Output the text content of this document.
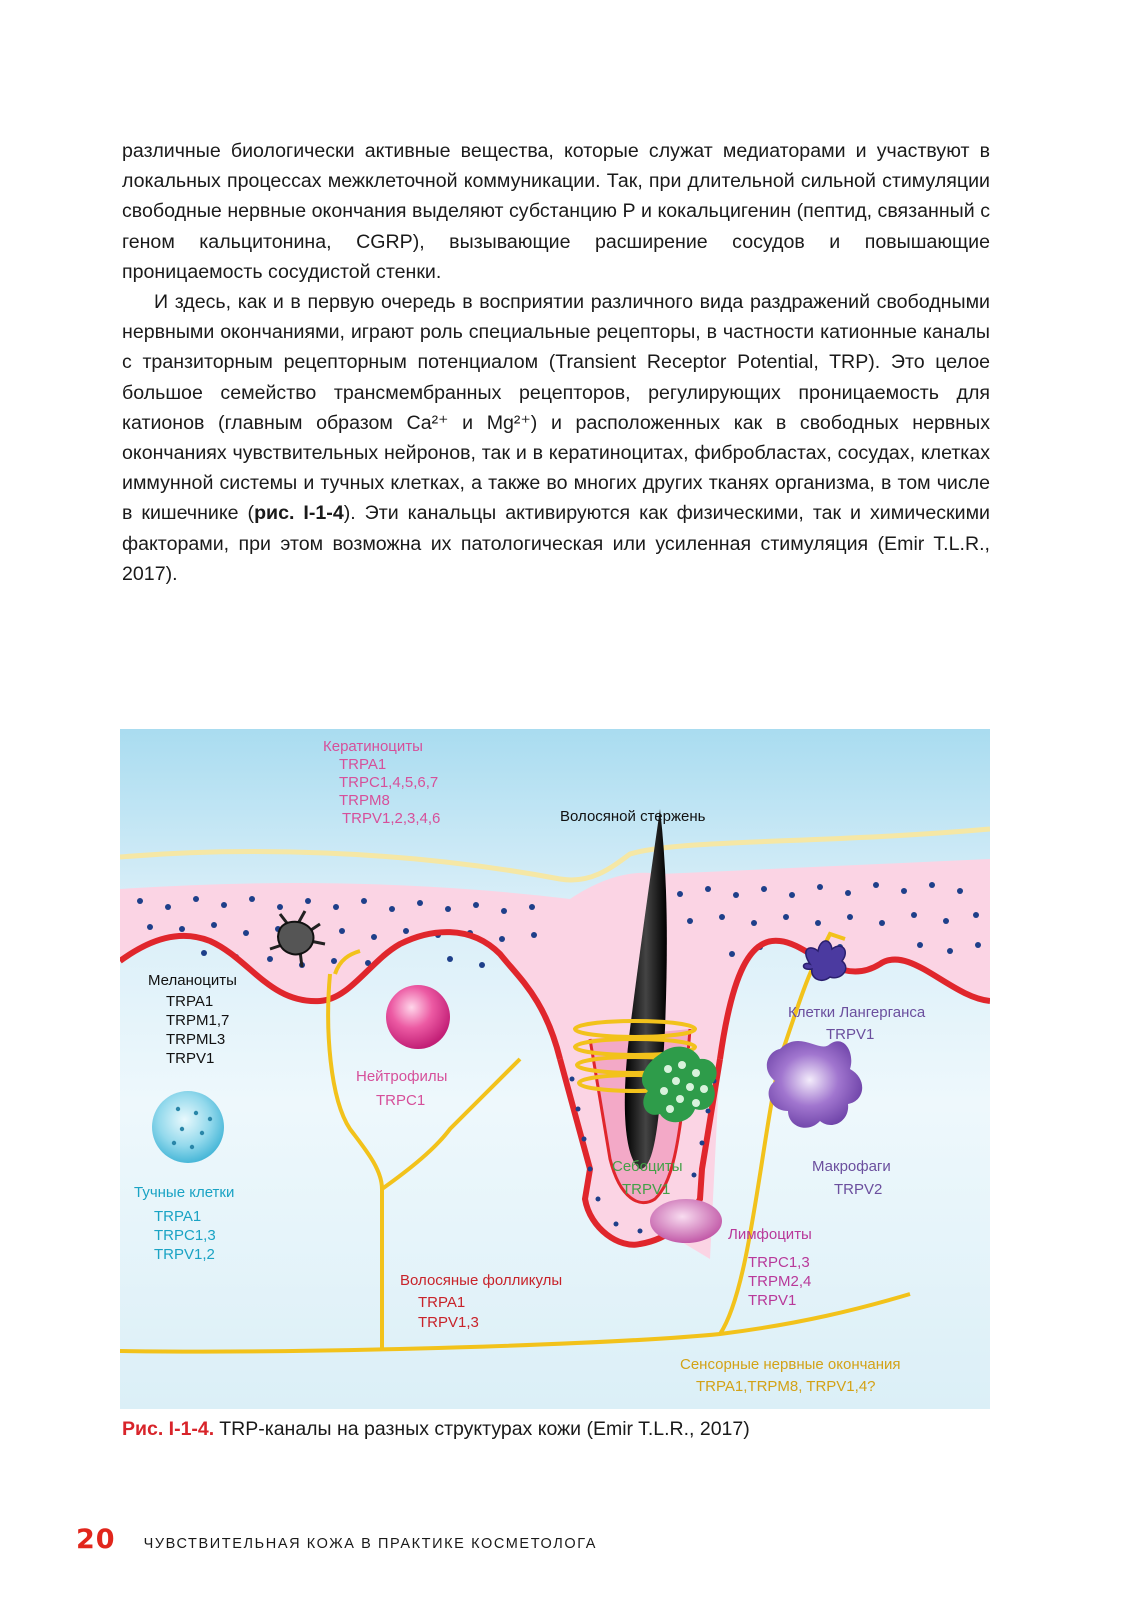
различные биологически активные вещества, которые служат медиаторами и участвуют в локальных процессах межклеточной коммуникации. Так, при длительной сильной стимуляции свободные нервные окончания выделяют субстанцию Р и кокальцигенин (пептид, связанный с геном кальцитонина, CGRP), вызывающие расширение сосудов и повышающие проницаемость сосудистой стенки.

И здесь, как и в первую очередь в восприятии различного вида раздражений свободными нервными окончаниями, играют роль специальные рецепторы, в частности катионные каналы с транзиторным рецепторным потенциалом (Transient Receptor Potential, TRP). Это целое большое семейство трансмембранных рецепторов, регулирующих проницаемость для катионов (главным образом Ca²⁺ и Mg²⁺) и расположенных как в свободных нервных окончаниях чувствительных нейронов, так и в кератиноцитах, фибробластах, сосудах, клетках иммунной системы и тучных клетках, а также во многих других тканях организма, в том числе в кишечнике (рис. I-1-4). Эти канальцы активируются как физическими, так и химическими факторами, при этом возможна их патологическая или усиленная стимуляция (Emir T.L.R., 2017).

Кератиноциты
TRPA1
TRPC1,4,5,6,7
TRPM8
TRPV1,2,3,4,6	Волосяной стержень
Меланоциты
TRPA1
TRPM1,7
TRPML3
TRPV1
Нейтрофилы
TRPC1
Тучные клетки
TRPA1
TRPC1,3
TRPV1,2
Клетки Лангерганса
TRPV1
Себоциты
TRPV1
Макрофаги
TRPV2
Лимфоциты
TRPC1,3
TRPM2,4
TRPV1
Волосяные фолликулы
TRPA1
TRPV1,3
Сенсорные нервные окончания
TRPA1,TRPM8, TRPV1,4?
Рис. I-1-4. TRP-каналы на разных структурах кожи (Emir T.L.R., 2017)
20 ЧУВСТВИТЕЛЬНАЯ КОЖА В ПРАКТИКЕ КОСМЕТОЛОГА
